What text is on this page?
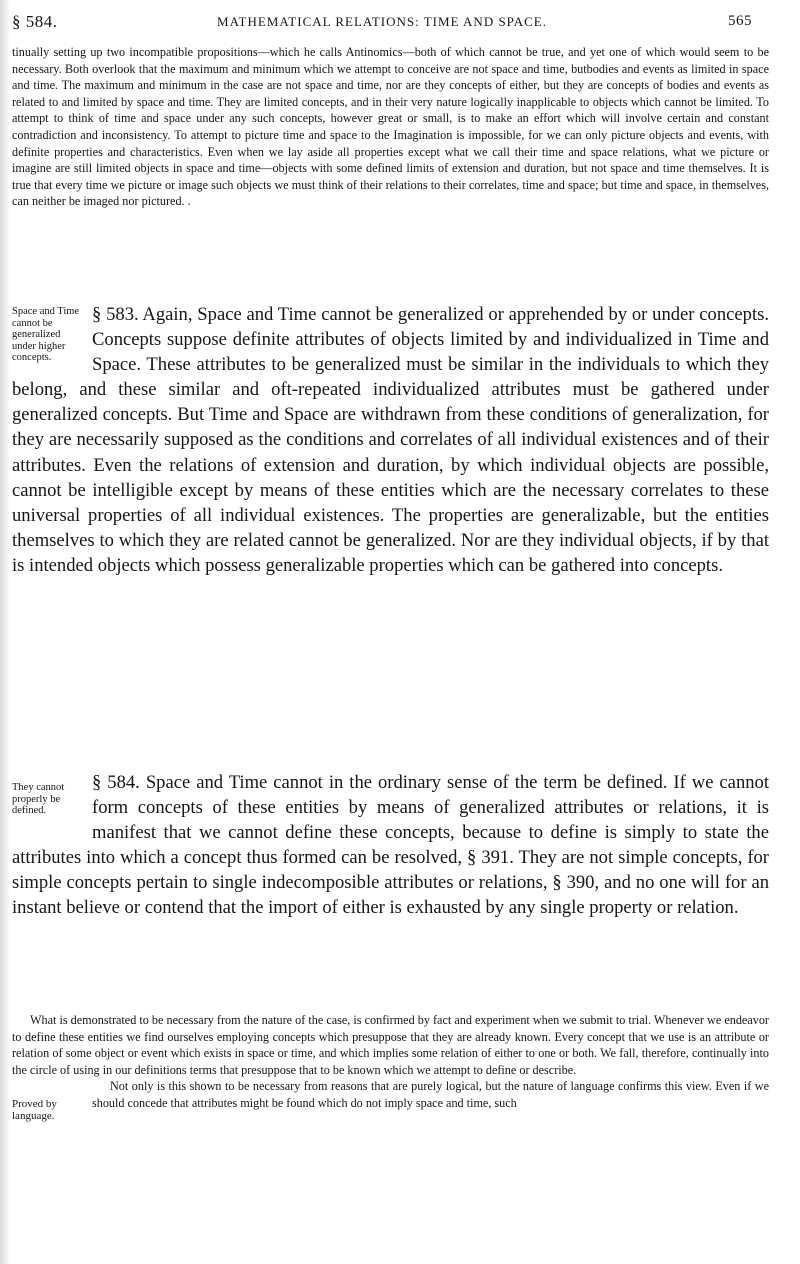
§ 584.	MATHEMATICAL RELATIONS: TIME AND SPACE.	565

tinually setting up two incompatible propositions—which he calls Antinomics—both of which cannot be true, and yet one of which would seem to be necessary. Both overlook that the maximum and minimum which we attempt to conceive are not space and time, butbodies and events as limited in space and time. The maximum and minimum in the case are not space and time, nor are they concepts of either, but they are concepts of bodies and events as related to and limited by space and time. They are limited concepts, and in their very nature logically inapplicable to objects which cannot be limited. To attempt to think of time and space under any such concepts, however great or small, is to make an effort which will involve certain and constant contradiction and inconsistency. To attempt to picture time and space to the Imagination is impossible, for we can only picture objects and events, with definite properties and characteristics. Even when we lay aside all properties except what we call their time and space relations, what we picture or imagine are still limited objects in space and time—objects with some defined limits of extension and duration, but not space and time themselves. It is true that every time we picture or image such objects we must think of their relations to their correlates, time and space; but time and space, in themselves, can neither be imaged nor pictured. .

Space and Time cannot be generalized under higher concepts.

§ 583. Again, Space and Time cannot be generalized or apprehended by or under concepts. Concepts suppose definite attributes of objects limited by and individualized in Time and Space. These attributes to be generalized must be similar in the individuals to which they belong, and these similar and oft-repeated individualized attributes must be gathered under generalized concepts. But Time and Space are withdrawn from these conditions of generalization, for they are necessarily supposed as the conditions and correlates of all individual existences and of their attributes. Even the relations of extension and duration, by which individual objects are possible, cannot be intelligible except by means of these entities which are the necessary correlates to these universal properties of all individual existences. The properties are generalizable, but the entities themselves to which they are related cannot be generalized. Nor are they individual objects, if by that is intended objects which possess generalizable properties which can be gathered into concepts.

They cannot properly be defined.

§ 584. Space and Time cannot in the ordinary sense of the term be defined. If we cannot form concepts of these entities by means of generalized attributes or relations, it is manifest that we cannot define these concepts, because to define is simply to state the attributes into which a concept thus formed can be resolved, § 391. They are not simple concepts, for simple concepts pertain to single indecomposible attributes or relations, § 390, and no one will for an instant believe or contend that the import of either is exhausted by any single property or relation.

What is demonstrated to be necessary from the nature of the case, is confirmed by fact and experiment when we submit to trial. Whenever we endeavor to define these entities we find ourselves employing concepts which presuppose that they are already known. Every concept that we use is an attribute or relation of some object or event which exists in space or time, and which implies some relation of either to one or both. We fall, therefore, continually into the circle of using in our definitions terms that presuppose that to be known which we attempt to define or describe.

Proved by language.

Not only is this shown to be necessary from reasons that are purely logical, but the nature of language confirms this view. Even if we should concede that attributes might be found which do not imply space and time, such
